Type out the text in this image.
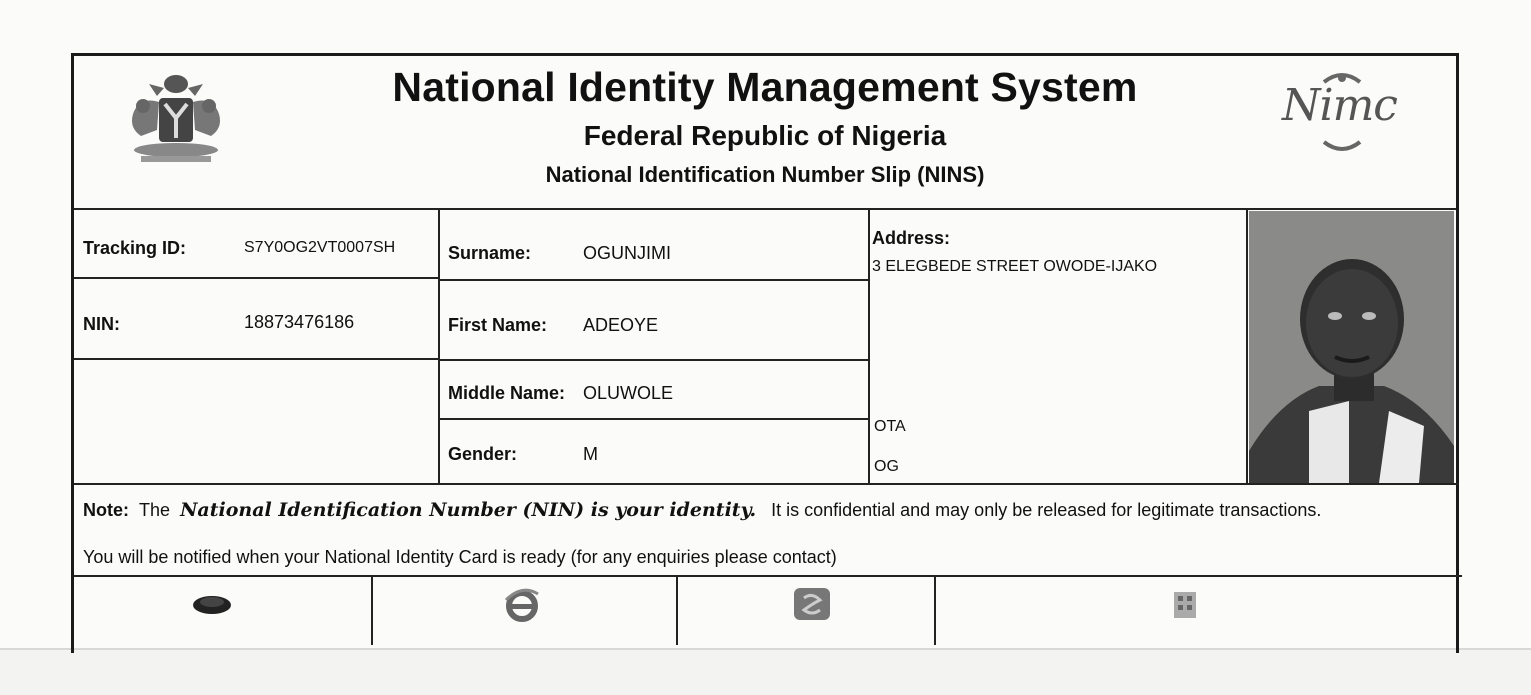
National Identity Management System
Federal Republic of Nigeria
National Identification Number Slip (NINS)
Nimc
Tracking ID:	S7Y0OG2VT0007SH
NIN:	18873476186
Surname:	OGUNJIMI
First Name: ADEOYE
Middle Name: OLUWOLE
Gender:	M
Address:
3 ELEGBEDE STREET OWODE-IJAKO
OTA
OG
Note: The National Identification Number (NIN) is your identity. It is confidential and may only be released for legitimate transactions.
You will be notified when your National Identity Card is ready (for any enquiries please contact)
